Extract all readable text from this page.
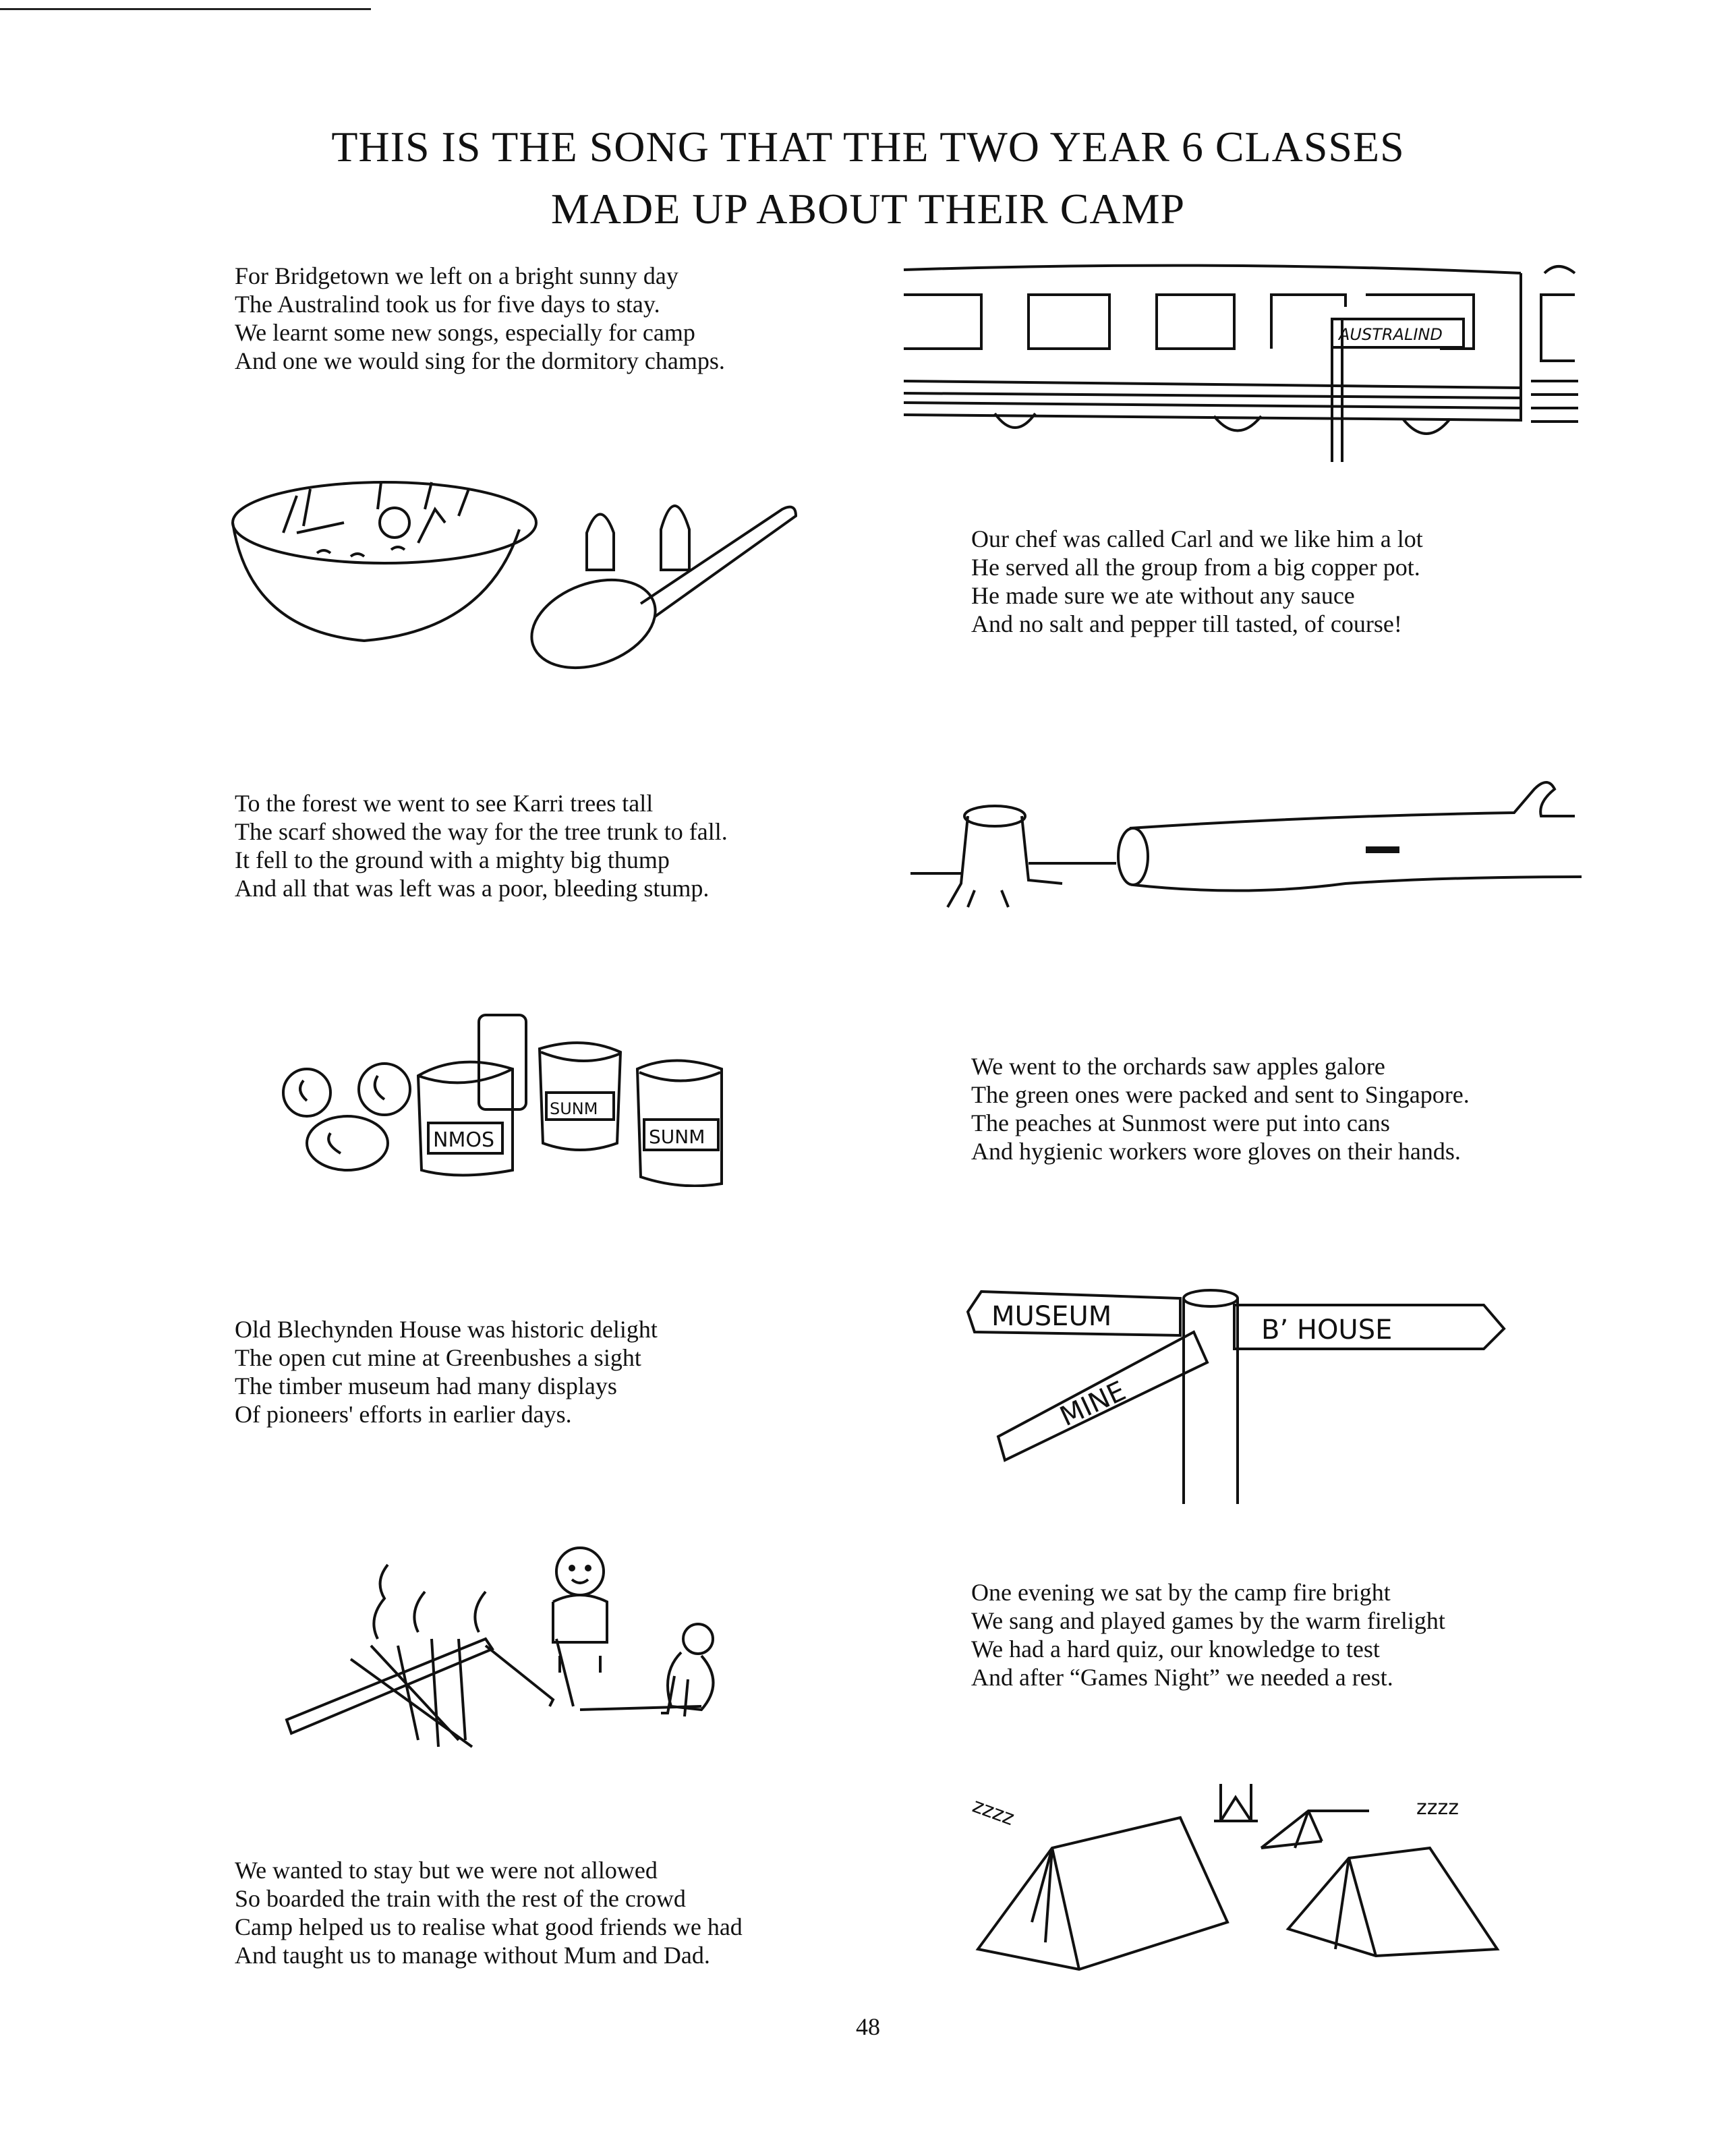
THIS IS THE SONG THAT THE TWO YEAR 6 CLASSES
MADE UP ABOUT THEIR CAMP
For Bridgetown we left on a bright sunny day
The Australind took us for five days to stay.
We learnt some new songs, especially for camp
And one we would sing for the dormitory champs.
AUSTRALIND
Our chef was called Carl and we like him a lot
He served all the group from a big copper pot.
He made sure we ate without any sauce
And no salt and pepper till tasted, of course!
To the forest we went to see Karri trees tall
The scarf showed the way for the tree trunk to fall.
It fell to the ground with a mighty big thump
And all that was left was a poor, bleeding stump.
NMOS
SUNM
SUNM
We went to the orchards saw apples galore
The green ones were packed and sent to Singapore.
The peaches at Sunmost were put into cans
And hygienic workers wore gloves on their hands.
MUSEUM	B’ HOUSE
MINE
Old Blechynden House was historic delight
The open cut mine at Greenbushes a sight
The timber museum had many displays
Of pioneers' efforts in earlier days.
One evening we sat by the camp fire bright
We sang and played games by the warm firelight
We had a hard quiz, our knowledge to test
And after “Games Night” we needed a rest.
zzzz	zzzz
We wanted to stay but we were not allowed
So boarded the train with the rest of the crowd
Camp helped us to realise what good friends we had
And taught us to manage without Mum and Dad.
48
